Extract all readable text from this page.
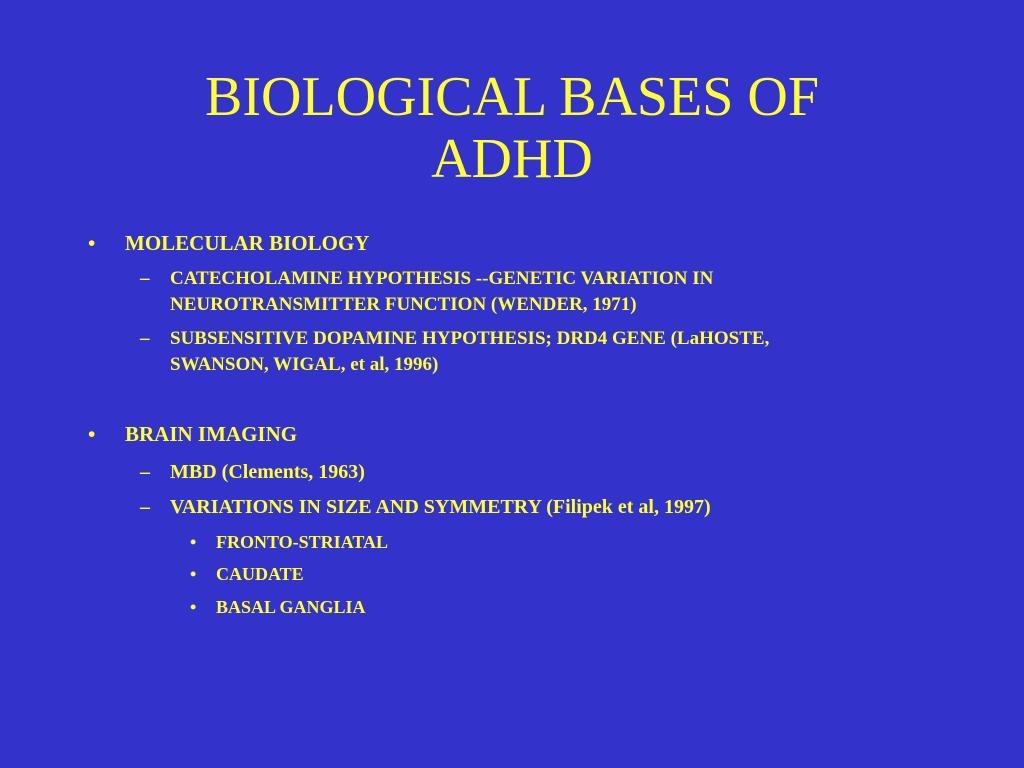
BIOLOGICAL BASES OF
ADHD
• MOLECULAR BIOLOGY
– CATECHOLAMINE HYPOTHESIS --GENETIC VARIATION IN
NEUROTRANSMITTER FUNCTION (WENDER, 1971)
– SUBSENSITIVE DOPAMINE HYPOTHESIS; DRD4 GENE (LaHOSTE,
SWANSON, WIGAL, et al, 1996)
• BRAIN IMAGING
– MBD (Clements, 1963)
– VARIATIONS IN SIZE AND SYMMETRY (Filipek et al, 1997)
• FRONTO-STRIATAL
• CAUDATE
• BASAL GANGLIA
